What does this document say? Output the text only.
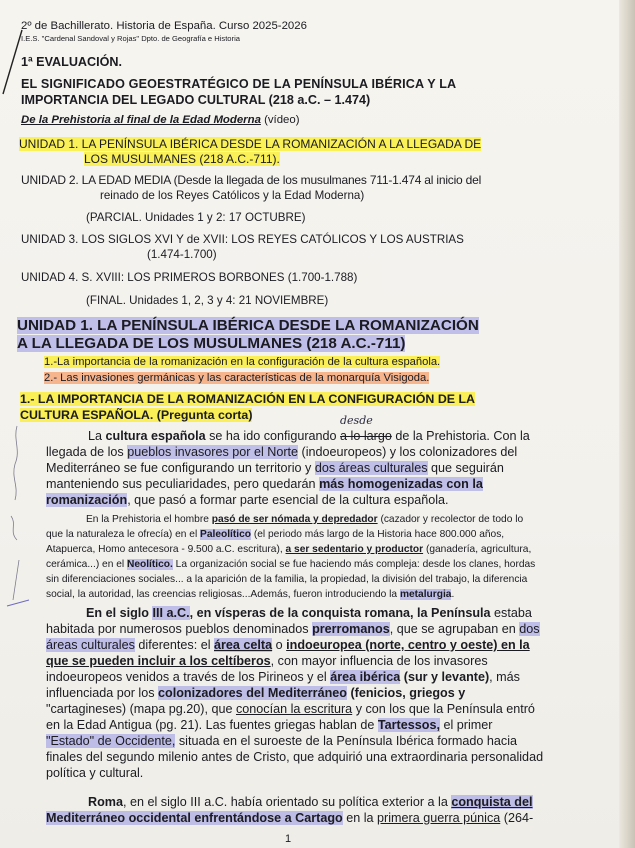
2º de Bachillerato. Historia de España. Curso 2025-2026
I.E.S. "Cardenal Sandoval y Rojas" Dpto. de Geografía e Historia
1ª EVALUACIÓN.
EL SIGNIFICADO GEOESTRATÉGICO DE LA PENÍNSULA IBÉRICA Y LA
IMPORTANCIA DEL LEGADO CULTURAL (218 a.C. – 1.474)
De la Prehistoria al final de la Edad Moderna (vídeo)
UNIDAD 1. LA PENÍNSULA IBÉRICA DESDE LA ROMANIZACIÓN A LA LLEGADA DE
LOS MUSULMANES (218 A.C.-711).
UNIDAD 2. LA EDAD MEDIA (Desde la llegada de los musulmanes 711-1.474 al inicio del
reinado de los Reyes Católicos y la Edad Moderna)
(PARCIAL. Unidades 1 y 2: 17 OCTUBRE)
UNIDAD 3. LOS SIGLOS XVI Y de XVII: LOS REYES CATÓLICOS Y LOS AUSTRIAS
(1.474-1.700)
UNIDAD 4. S. XVIII: LOS PRIMEROS BORBONES (1.700-1.788)
(FINAL. Unidades 1, 2, 3 y 4: 21 NOVIEMBRE)
UNIDAD 1. LA PENÍNSULA IBÉRICA DESDE LA ROMANIZACIÓN
A LA LLEGADA DE LOS MUSULMANES (218 A.C.-711)
1.-La importancia de la romanización en la configuración de la cultura española.
2.- Las invasiones germánicas y las características de la monarquía Visigoda.
1.- LA IMPORTANCIA DE LA ROMANIZACIÓN EN LA CONFIGURACIÓN DE LA
CULTURA ESPAÑOLA. (Pregunta corta)	desde
La cultura española se ha ido configurando a lo largo de la Prehistoria. Con la
llegada de los pueblos invasores por el Norte (indoeuropeos) y los colonizadores del
Mediterráneo se fue configurando un territorio y dos áreas culturales que seguirán
manteniendo sus peculiaridades, pero quedarán más homogenizadas con la
romanización, que pasó a formar parte esencial de la cultura española.
En la Prehistoria el hombre pasó de ser nómada y depredador (cazador y recolector de todo lo
que la naturaleza le ofrecía) en el Paleolítico (el periodo más largo de la Historia hace 800.000 años,
Atapuerca, Homo antecesora - 9.500 a.C. escritura), a ser sedentario y productor (ganadería, agricultura,
cerámica...) en el Neolítico. La organización social se fue haciendo más compleja: desde los clanes, hordas
sin diferenciaciones sociales... a la aparición de la familia, la propiedad, la división del trabajo, la diferencia
social, la autoridad, las creencias religiosas...Además, fueron introduciendo la metalurgia.
En el siglo III a.C., en vísperas de la conquista romana, la Península estaba
habitada por numerosos pueblos denominados prerromanos, que se agrupaban en dos
áreas culturales diferentes: el área celta o indoeuropea (norte, centro y oeste) en la
que se pueden incluir a los celtíberos, con mayor influencia de los invasores
indoeuropeos venidos a través de los Pirineos y el área ibérica (sur y levante), más
influenciada por los colonizadores del Mediterráneo (fenicios, griegos y
"cartagineses) (mapa pg.20), que conocían la escritura y con los que la Península entró
en la Edad Antigua (pg. 21). Las fuentes griegas hablan de Tartessos, el primer
"Estado" de Occidente, situada en el suroeste de la Península Ibérica formado hacia
finales del segundo milenio antes de Cristo, que adquirió una extraordinaria personalidad
política y cultural.
Roma, en el siglo III a.C. había orientado su política exterior a la conquista del
Mediterráneo occidental enfrentándose a Cartago en la primera guerra púnica (264-
1
